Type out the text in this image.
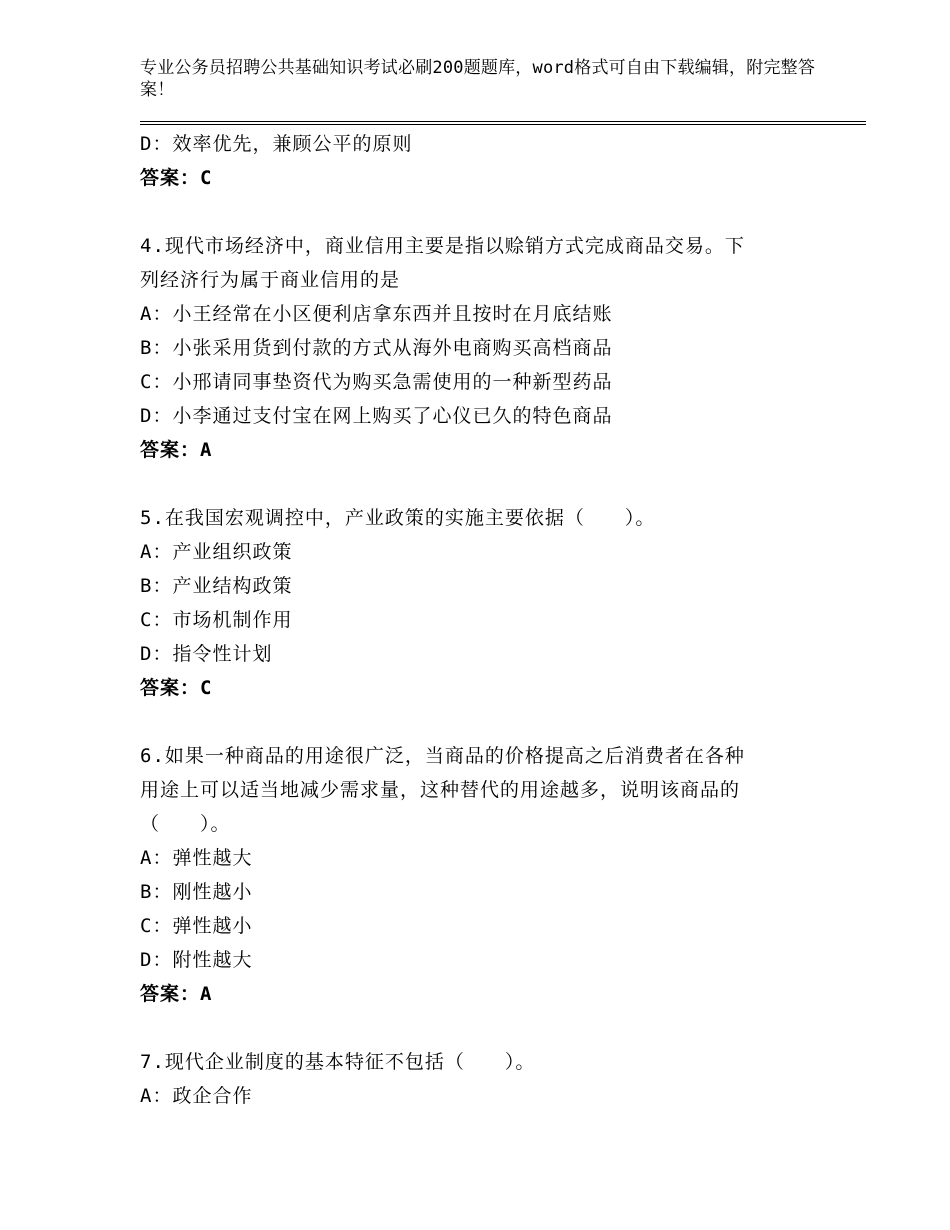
专业公务员招聘公共基础知识考试必刷200题题库，word格式可自由下载编辑，附完整答案！
D：效率优先，兼顾公平的原则
答案：C
4.现代市场经济中，商业信用主要是指以赊销方式完成商品交易。下
列经济行为属于商业信用的是
A：小王经常在小区便利店拿东西并且按时在月底结账
B：小张采用货到付款的方式从海外电商购买高档商品
C：小邢请同事垫资代为购买急需使用的一种新型药品
D：小李通过支付宝在网上购买了心仪已久的特色商品
答案：A
5.在我国宏观调控中，产业政策的实施主要依据（　　）。
A：产业组织政策
B：产业结构政策
C：市场机制作用
D：指令性计划
答案：C
6.如果一种商品的用途很广泛，当商品的价格提高之后消费者在各种
用途上可以适当地减少需求量，这种替代的用途越多，说明该商品的
（　　）。
A：弹性越大
B：刚性越小
C：弹性越小
D：附性越大
答案：A
7.现代企业制度的基本特征不包括（　　）。
A：政企合作
